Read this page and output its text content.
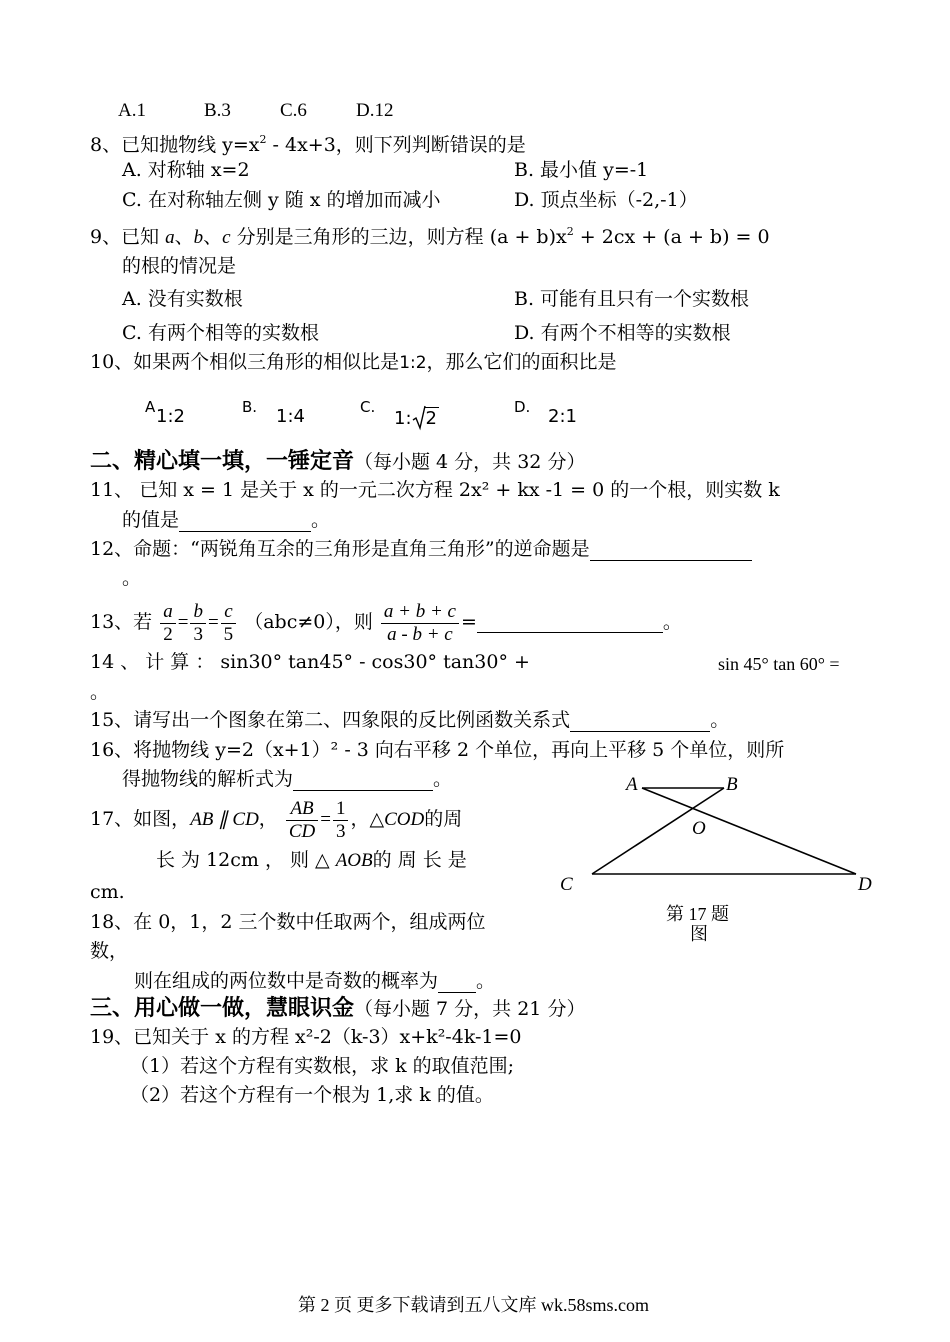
A.1	B.3	C.6	D.12
8、已知抛物线 $y=x^2 - 4x+3$，则下列判断错误的是
A. 对称轴 x=2	B. 最小值 y=-1
C. 在对称轴左侧 y 随 x 的增加而减小	D. 顶点坐标（-2,-1）
9、已知 a、b、c 分别是三角形的三边，则方程 $(a + b)x^2 + 2cx + (a + b) = 0$
的根的情况是
A. 没有实数根	B. 可能有且只有一个实数根
C. 有两个相等的实数根	D. 有两个不相等的实数根
10、如果两个相似三角形的相似比是1:2，那么它们的面积比是
A 1:2	B. 1:4	C.
1: 2
D. 2:1
二、精心填一填，一锤定音（每小题 4 分，共 32 分）
11、 已知 x = 1 是关于 x 的一元二次方程 2x² + kx -1 = 0 的一个根，则实数 k
的值是	。
12、命题：“两锐角互余的三角形是直角三角形”的逆命题是
。
13、若 $\frac{a}{2} = \frac{b}{3} = \frac{c}{5} (abc\ne 0)$，则 $\frac{a + b + c}{a - b + c}$ =	。
14 、 计 算 ： sin30° tan45° - cos30° tan30° +	sin 45° tan 60° =
。
15、请写出一个图象在第二、四象限的反比例函数关系式	。
16、将抛物线 y=2（x+1）² - 3 向右平移 2 个单位，再向上平移 5 个单位，则所
得抛物线的解析式为	。
17、如图，AB ∥ CD， $\frac{AB}{CD} = \frac{1}{3}$ ，△COD的周
长 为 12cm ， 则 △ AOB的 周 长 是
cm.
18、在 0，1，2 三个数中任取两个，组成两位
数，
则在组成的两位数中是奇数的概率为 。
A	B
O
C	D
第 17 题
图
三、用心做一做，慧眼识金（每小题 7 分，共 21 分）
19、已知关于 x 的方程 x²-2（k-3）x+k²-4k-1=0
（1）若这个方程有实数根，求 k 的取值范围;
（2）若这个方程有一个根为 1,求 k 的值。
第 2 页 更多下载请到五八文库 wk.58sms.com
